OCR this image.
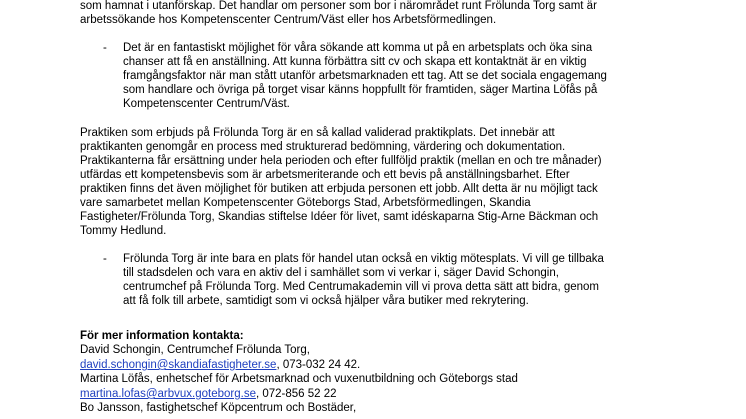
som hamnat i utanförskap. Det handlar om personer som bor i närområdet runt Frölunda Torg samt är
arbetssökande hos Kompetenscenter Centrum/Väst eller hos Arbetsförmedlingen.
- Det är en fantastiskt möjlighet för våra sökande att komma ut på en arbetsplats och öka sina
chanser att få en anställning. Att kunna förbättra sitt cv och skapa ett kontaktnät är en viktig
framgångsfaktor när man stått utanför arbetsmarknaden ett tag. Att se det sociala engagemang
som handlare och övriga på torget visar känns hoppfullt för framtiden, säger Martina Löfås på
Kompetenscenter Centrum/Väst.
Praktiken som erbjuds på Frölunda Torg är en så kallad validerad praktikplats. Det innebär att
praktikanten genomgår en process med strukturerad bedömning, värdering och dokumentation.
Praktikanterna får ersättning under hela perioden och efter fullföljd praktik (mellan en och tre månader)
utfärdas ett kompetensbevis som är arbetsmeriterande och ett bevis på anställningsbarhet. Efter
praktiken finns det även möjlighet för butiken att erbjuda personen ett jobb. Allt detta är nu möjligt tack
vare samarbetet mellan Kompetenscenter Göteborgs Stad, Arbetsförmedlingen, Skandia
Fastigheter/Frölunda Torg, Skandias stiftelse Idéer för livet, samt idéskaparna Stig-Arne Bäckman och
Tommy Hedlund.
- Frölunda Torg är inte bara en plats för handel utan också en viktig mötesplats. Vi vill ge tillbaka
till stadsdelen och vara en aktiv del i samhället som vi verkar i, säger David Schongin,
centrumchef på Frölunda Torg. Med Centrumakademin vill vi prova detta sätt att bidra, genom
att få folk till arbete, samtidigt som vi också hjälper våra butiker med rekrytering.
För mer information kontakta:
David Schongin, Centrumchef Frölunda Torg,
david.schongin@skandiafastigheter.se, 073-032 24 42.
Martina Löfås, enhetschef för Arbetsmarknad och vuxenutbildning och Göteborgs stad
martina.lofas@arbvux.goteborg.se, 072-856 52 22
Bo Jansson, fastighetschef Köpcentrum och Bostäder,
